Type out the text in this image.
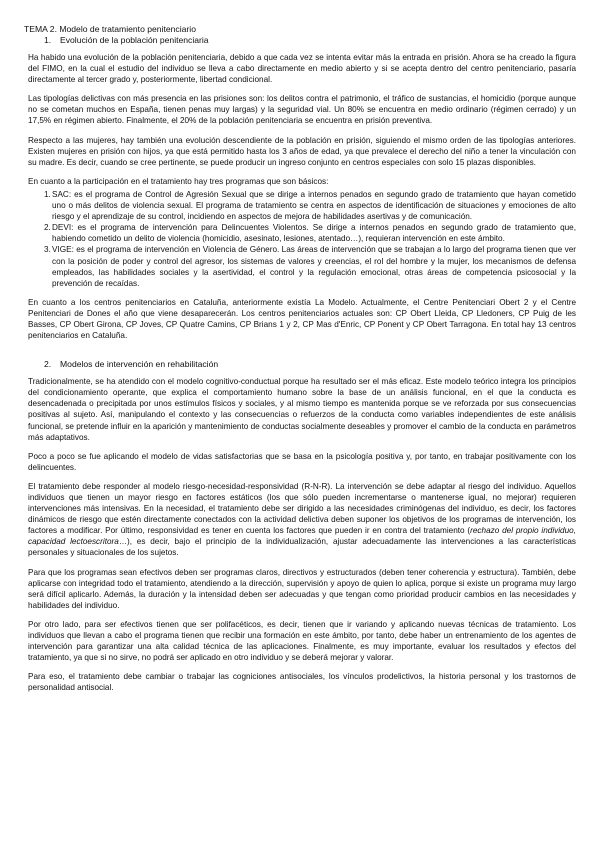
TEMA 2. Modelo de tratamiento penitenciario
1. Evolución de la población penitenciaria

Ha habido una evolución de la población penitenciaria, debido a que cada vez se intenta evitar más la entrada en prisión. Ahora se ha creado la figura del FIMO, en la cual el estudio del individuo se lleva a cabo directamente en medio abierto y si se acepta dentro del centro penitenciario, pasaría directamente al tercer grado y, posteriormente, libertad condicional.

Las tipologías delictivas con más presencia en las prisiones son: los delitos contra el patrimonio, el tráfico de sustancias, el homicidio (porque aunque no se cometan muchos en España, tienen penas muy largas) y la seguridad vial. Un 80% se encuentra en medio ordinario (régimen cerrado) y un 17,5% en régimen abierto. Finalmente, el 20% de la población penitenciaria se encuentra en prisión preventiva.

Respecto a las mujeres, hay también una evolución descendiente de la población en prisión, siguiendo el mismo orden de las tipologías anteriores. Existen mujeres en prisión con hijos, ya que está permitido hasta los 3 años de edad, ya que prevalece el derecho del niño a tener la vinculación con su madre. Es decir, cuando se cree pertinente, se puede producir un ingreso conjunto en centros especiales con solo 15 plazas disponibles.

En cuanto a la participación en el tratamiento hay tres programas que son básicos:

1. SAC: es el programa de Control de Agresión Sexual que se dirige a internos penados en segundo grado de tratamiento que hayan cometido uno o más delitos de violencia sexual. El programa de tratamiento se centra en aspectos de identificación de situaciones y emociones de alto riesgo y el aprendizaje de su control, incidiendo en aspectos de mejora de habilidades asertivas y de comunicación.
2. DEVI: es el programa de intervención para Delincuentes Violentos. Se dirige a internos penados en segundo grado de tratamiento que, habiendo cometido un delito de violencia (homicidio, asesinato, lesiones, atentado…), requieran intervención en este ámbito.
3. VIGE: es el programa de intervención en Violencia de Género. Las áreas de intervención que se trabajan a lo largo del programa tienen que ver con la posición de poder y control del agresor, los sistemas de valores y creencias, el rol del hombre y la mujer, los mecanismos de defensa empleados, las habilidades sociales y la asertividad, el control y la regulación emocional, otras áreas de competencia psicosocial y la prevención de recaídas.

En cuanto a los centros penitenciarios en Cataluña, anteriormente existía La Modelo. Actualmente, el Centre Penitenciari Obert 2 y el Centre Penitenciari de Dones el año que viene desaparecerán. Los centros penitenciarios actuales son: CP Obert Lleida, CP Lledoners, CP Puig de les Basses, CP Obert Girona, CP Joves, CP Quatre Camins, CP Brians 1 y 2, CP Mas d'Enric, CP Ponent y CP Obert Tarragona. En total hay 13 centros penitenciarios en Cataluña.

2. Modelos de intervención en rehabilitación

Tradicionalmente, se ha atendido con el modelo cognitivo-conductual porque ha resultado ser el más eficaz. Este modelo teórico integra los principios del condicionamiento operante, que explica el comportamiento humano sobre la base de un análisis funcional, en el que la conducta es desencadenada o precipitada por unos estímulos físicos y sociales, y al mismo tiempo es mantenida porque se ve reforzada por sus consecuencias positivas al sujeto. Así, manipulando el contexto y las consecuencias o refuerzos de la conducta como variables independientes de este análisis funcional, se pretende influir en la aparición y mantenimiento de conductas socialmente deseables y promover el cambio de la conducta en parámetros más adaptativos.

Poco a poco se fue aplicando el modelo de vidas satisfactorias que se basa en la psicología positiva y, por tanto, en trabajar positivamente con los delincuentes.

El tratamiento debe responder al modelo riesgo-necesidad-responsividad (R-N-R). La intervención se debe adaptar al riesgo del individuo. Aquellos individuos que tienen un mayor riesgo en factores estáticos (los que sólo pueden incrementarse o mantenerse igual, no mejorar) requieren intervenciones más intensivas. En la necesidad, el tratamiento debe ser dirigido a las necesidades criminógenas del individuo, es decir, los factores dinámicos de riesgo que estén directamente conectados con la actividad delictiva deben suponer los objetivos de los programas de intervención, los factores a modificar. Por último, responsividad es tener en cuenta los factores que pueden ir en contra del tratamiento (rechazo del propio individuo, capacidad lectoescritora…), es decir, bajo el principio de la individualización, ajustar adecuadamente las intervenciones a las características personales y situacionales de los sujetos.

Para que los programas sean efectivos deben ser programas claros, directivos y estructurados (deben tener coherencia y estructura). También, debe aplicarse con integridad todo el tratamiento, atendiendo a la dirección, supervisión y apoyo de quien lo aplica, porque si existe un programa muy largo será difícil aplicarlo. Además, la duración y la intensidad deben ser adecuadas y que tengan como prioridad producir cambios en las necesidades y habilidades del individuo.

Por otro lado, para ser efectivos tienen que ser polifacéticos, es decir, tienen que ir variando y aplicando nuevas técnicas de tratamiento. Los individuos que llevan a cabo el programa tienen que recibir una formación en este ámbito, por tanto, debe haber un entrenamiento de los agentes de intervención para garantizar una alta calidad técnica de las aplicaciones. Finalmente, es muy importante, evaluar los resultados y efectos del tratamiento, ya que si no sirve, no podrá ser aplicado en otro individuo y se deberá mejorar y valorar.

Para eso, el tratamiento debe cambiar o trabajar las cogniciones antisociales, los vínculos prodelictivos, la historia personal y los trastornos de personalidad antisocial.
